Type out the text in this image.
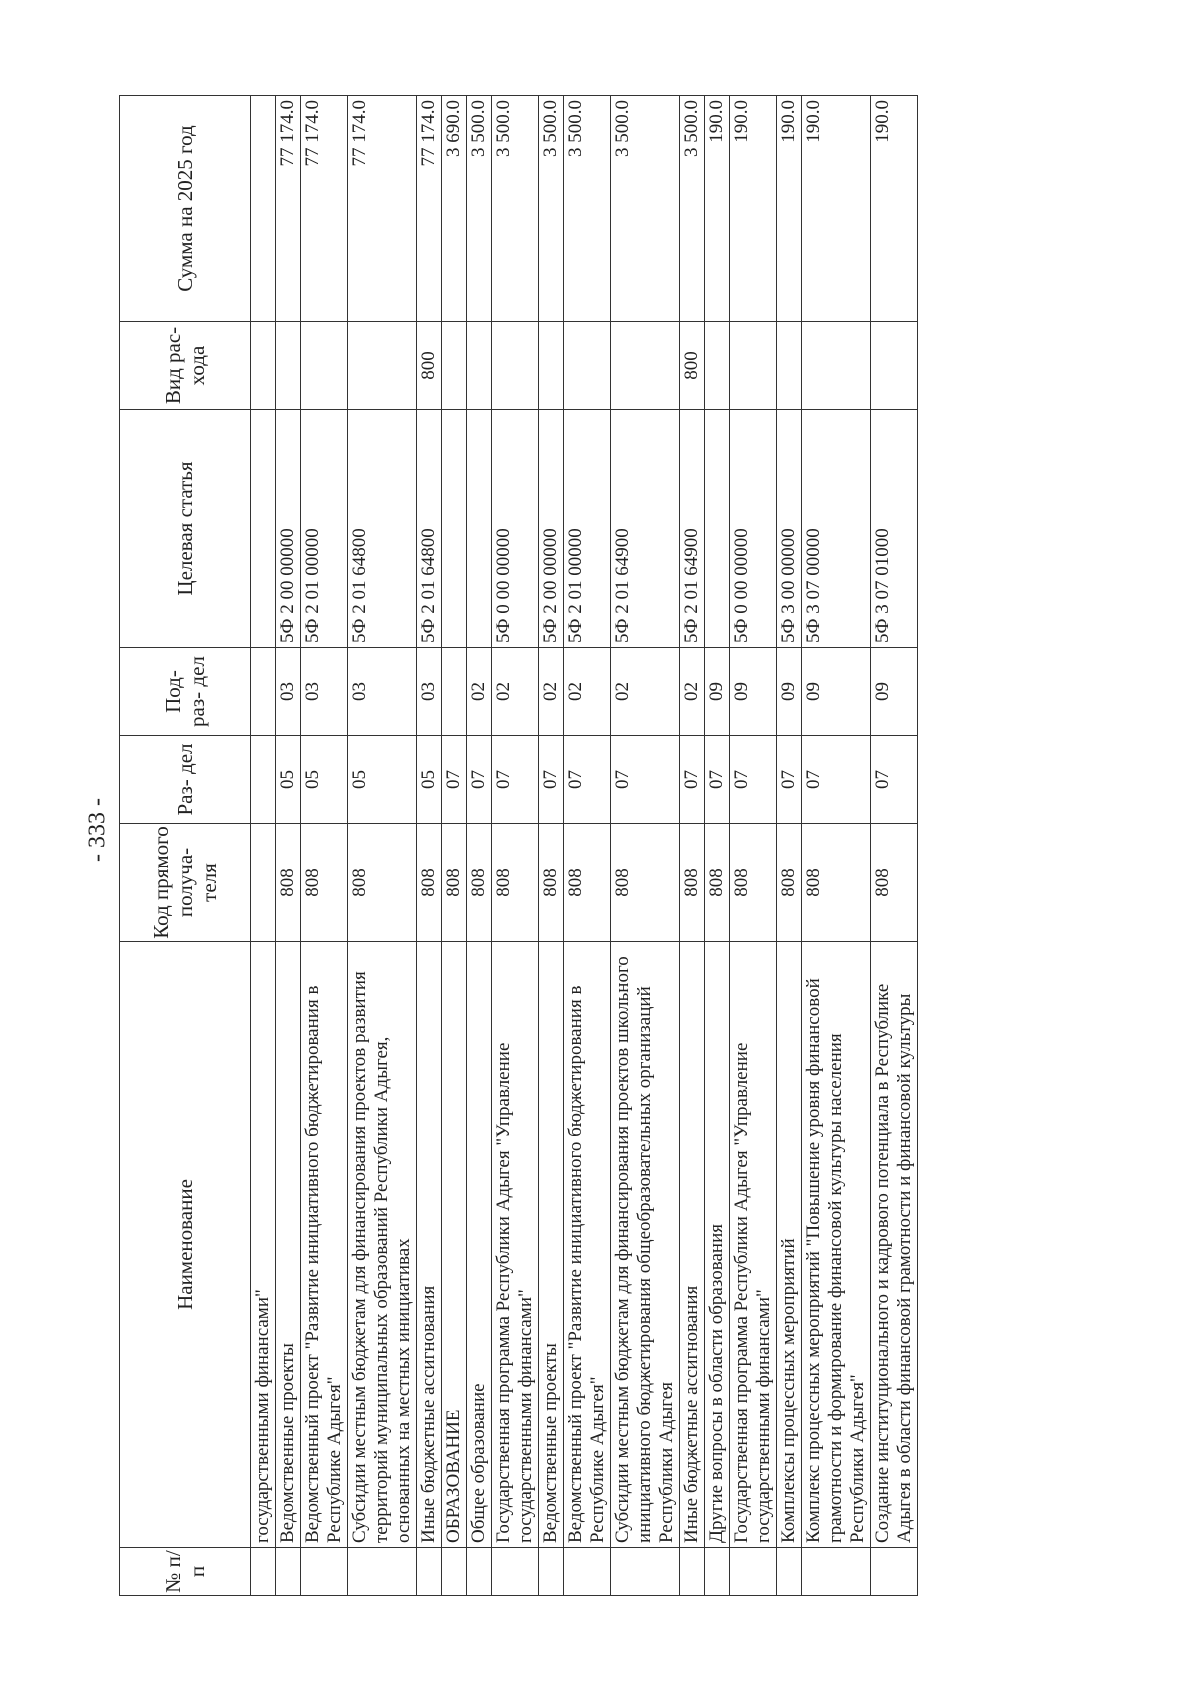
- 333 -
№ п/п	Наименование	Код прямого получа- теля	Раз- дел	Под- раз- дел	Целевая статья	Вид рас- хода	Сумма на 2025 год
	государственными финансами"						
	Ведомственные проекты	808	05	03	5Ф 2 00 00000		77 174.0
	Ведомственный проект "Развитие инициативного бюджетирования в Республике Адыгея"	808	05	03	5Ф 2 01 00000		77 174.0
	Субсидии местным бюджетам для финансирования проектов развития территорий муниципальных образований Республики Адыгея, основанных на местных инициативах	808	05	03	5Ф 2 01 64800		77 174.0
	Иные бюджетные ассигнования	808	05	03	5Ф 2 01 64800	800	77 174.0
	ОБРАЗОВАНИЕ	808	07				3 690.0
	Общее образование	808	07	02			3 500.0
	Государственная программа Республики Адыгея "Управление государственными финансами"	808	07	02	5Ф 0 00 00000		3 500.0
	Ведомственные проекты	808	07	02	5Ф 2 00 00000		3 500.0
	Ведомственный проект "Развитие инициативного бюджетирования в Республике Адыгея"	808	07	02	5Ф 2 01 00000		3 500.0
	Субсидии местным бюджетам для финансирования проектов школьного инициативного бюджетирования общеобразовательных организаций Республики Адыгея	808	07	02	5Ф 2 01 64900		3 500.0
	Иные бюджетные ассигнования	808	07	02	5Ф 2 01 64900	800	3 500.0
	Другие вопросы в области образования	808	07	09			190.0
	Государственная программа Республики Адыгея "Управление государственными финансами"	808	07	09	5Ф 0 00 00000		190.0
	Комплексы процессных мероприятий	808	07	09	5Ф 3 00 00000		190.0
	Комплекс процессных мероприятий "Повышение уровня финансовой грамотности и формирование финансовой культуры населения Республики Адыгея"	808	07	09	5Ф 3 07 00000		190.0
	Создание институционального и кадрового потенциала в Республике Адыгея в области финансовой грамотности и финансовой культуры	808	07	09	5Ф 3 07 01000		190.0
